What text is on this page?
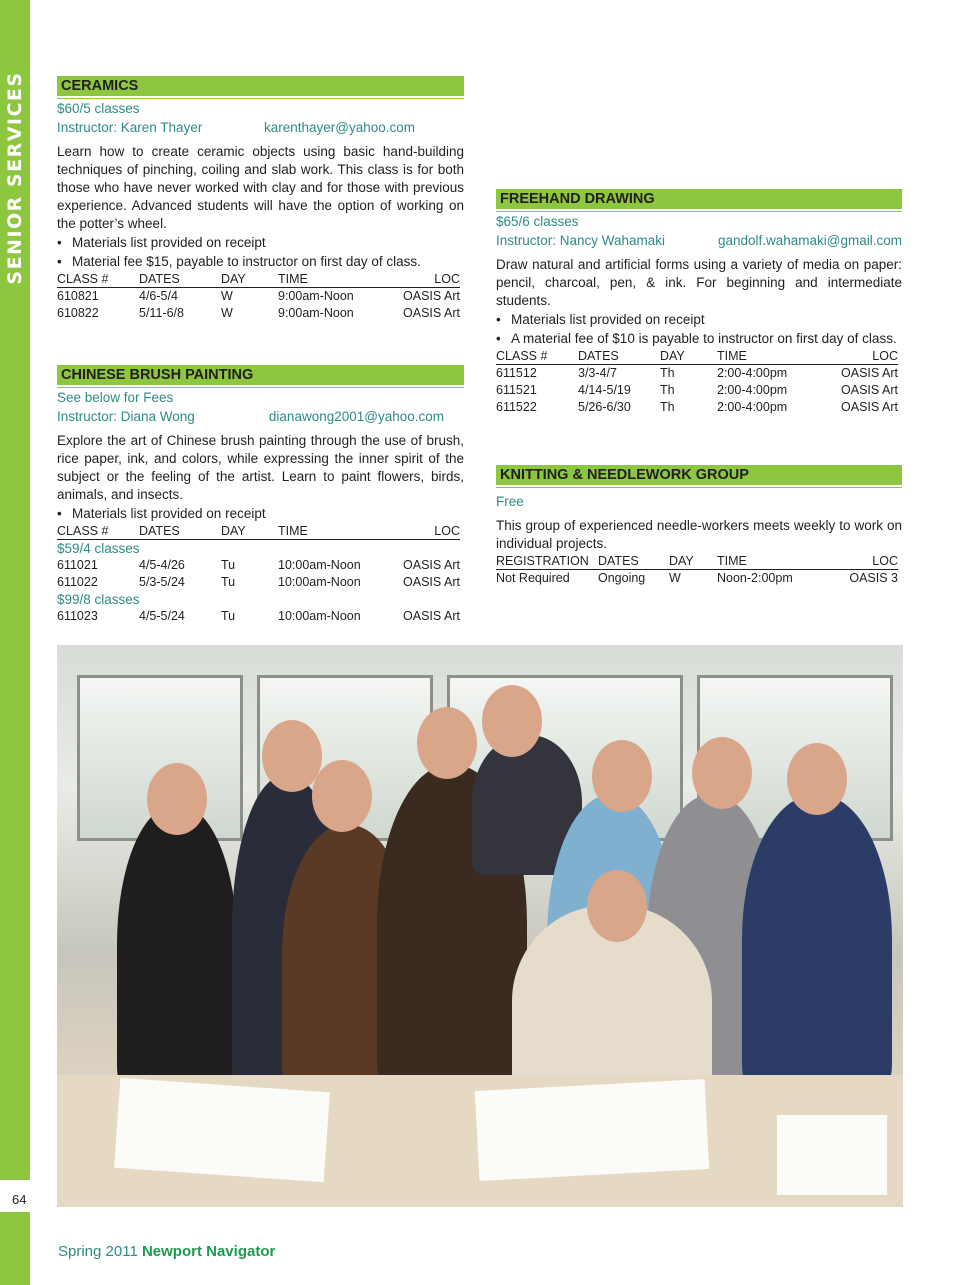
SENIOR SERVICES
64
CERAMICS
$60/5 classes
Instructor: Karen Thayer	karenthayer@yahoo.com
Learn how to create ceramic objects using basic hand-building techniques of pinching, coiling and slab work. This class is for both those who have never worked with clay and for those with previous experience. Advanced students will have the option of working on the potter’s wheel.
• Materials list provided on receipt
• Material fee $15, payable to instructor on first day of class.
CLASS #	DATES	DAY	TIME	LOC
610821	4/6-5/4	W	9:00am-Noon	OASIS Art
610822	5/11-6/8	W	9:00am-Noon	OASIS Art
CHINESE BRUSH PAINTING
See below for Fees
Instructor: Diana Wong	dianawong2001@yahoo.com
Explore the art of Chinese brush painting through the use of brush, rice paper, ink, and colors, while expressing the inner spirit of the subject or the feeling of the artist. Learn to paint flowers, birds, animals, and insects.
• Materials list provided on receipt
CLASS #	DATES	DAY	TIME	LOC
$59/4 classes				
611021	4/5-4/26	Tu	10:00am-Noon	OASIS Art
611022	5/3-5/24	Tu	10:00am-Noon	OASIS Art
$99/8 classes				
611023	4/5-5/24	Tu	10:00am-Noon	OASIS Art
FREEHAND DRAWING
$65/6 classes
Instructor: Nancy Wahamaki	gandolf.wahamaki@gmail.com
Draw natural and artificial forms using a variety of media on paper: pencil, charcoal, pen, & ink. For beginning and intermediate students.
• Materials list provided on receipt
• A material fee of $10 is payable to instructor on first day of class.
CLASS #	DATES	DAY	TIME	LOC
611512	3/3-4/7	Th	2:00-4:00pm	OASIS Art
611521	4/14-5/19	Th	2:00-4:00pm	OASIS Art
611522	5/26-6/30	Th	2:00-4:00pm	OASIS Art
KNITTING & NEEDLEWORK GROUP
Free
This group of experienced needle-workers meets weekly to work on individual projects.
REGISTRATION	DATES	DAY	TIME	LOC
Not Required	Ongoing	W	Noon-2:00pm	OASIS 3
Spring 2011 Newport Navigator
